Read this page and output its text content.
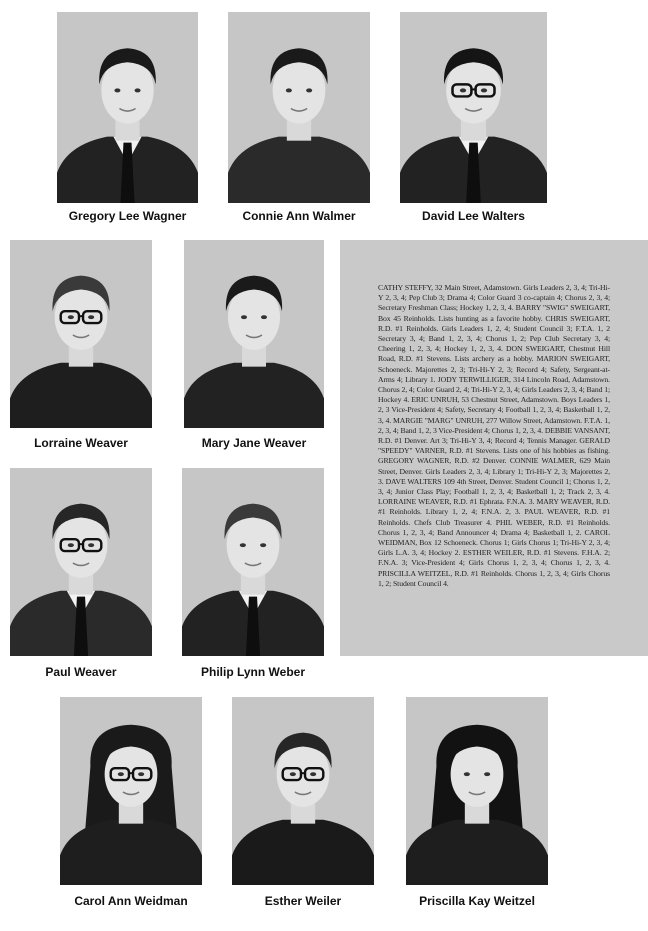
Gregory Lee Wagner	Connie Ann Walmer	David Lee Walters
Lorraine Weaver	Mary Jane Weaver
CATHY STEFFY, 32 Main Street, Adamstown. Girls Leaders 2, 3, 4; Tri-Hi-Y 2, 3, 4; Pep Club 3; Drama 4; Color Guard 3 co-captain 4; Chorus 2, 3, 4; Secretary Freshman Class; Hockey 1, 2, 3, 4. BARRY "SWIG" SWEIGART, Box 45 Reinholds. Lists hunting as a favorite hobby. CHRIS SWEIGART, R.D. #1 Reinholds. Girls Leaders 1, 2, 4; Student Council 3; F.T.A. 1, 2 Secretary 3, 4; Band 1, 2, 3, 4; Chorus 1, 2; Pep Club Secretary 3, 4; Cheering 1, 2, 3, 4; Hockey 1, 2, 3, 4. DON SWEIGART, Chestnut Hill Road, R.D. #1 Stevens. Lists archery as a hobby. MARION SWEIGART, Schoeneck. Majorettes 2, 3; Tri-Hi-Y 2, 3; Record 4; Safety, Sergeant-at-Arms 4; Library 1. JODY TERWILLIGER, 314 Lincoln Road, Adamstown. Chorus 2, 4; Color Guard 2, 4; Tri-Hi-Y 2, 3, 4; Girls Leaders 2, 3, 4; Band 1; Hockey 4. ERIC UNRUH, 53 Chestnut Street, Adamstown. Boys Leaders 1, 2, 3 Vice-President 4; Safety, Secretary 4; Football 1, 2, 3, 4; Basketball 1, 2, 3, 4. MARGIE "MARG" UNRUH, 277 Willow Street, Adamstown. F.T.A. 1, 2, 3, 4; Band 1, 2, 3 Vice-President 4; Chorus 1, 2, 3, 4. DEBBIE VANSANT, R.D. #1 Denver. Art 3; Tri-Hi-Y 3, 4; Record 4; Tennis Manager. GERALD "SPEEDY" VARNER, R.D. #1 Stevens. Lists one of his hobbies as fishing. GREGORY WAGNER, R.D. #2 Denver. CONNIE WALMER, 629 Main Street, Denver. Girls Leaders 2, 3, 4; Library 1; Tri-Hi-Y 2, 3; Majorettes 2, 3. DAVE WALTERS 109 4th Street, Denver. Student Council 1; Chorus 1, 2, 3, 4; Junior Class Play; Football 1, 2, 3, 4; Basketball 1, 2; Track 2, 3, 4. LORRAINE WEAVER, R.D. #1 Ephrata. F.N.A. 3. MARY WEAVER, R.D. #1 Reinholds. Library 1, 2, 4; F.N.A. 2, 3. PAUL WEAVER, R.D. #1 Reinholds. Chefs Club Treasurer 4. PHIL WEBER, R.D. #1 Reinholds. Chorus 1, 2, 3, 4; Band Announcer 4; Drama 4; Basketball 1, 2. CAROL WEIDMAN, Box 12 Schoeneck. Chorus 1; Girls Chorus 1; Tri-Hi-Y 2, 3, 4; Girls L.A. 3, 4; Hockey 2. ESTHER WEILER, R.D. #1 Stevens. F.H.A. 2; F.N.A. 3; Vice-President 4; Girls Chorus 1, 2, 3, 4; Chorus 1, 2, 3, 4. PRISCILLA WEITZEL, R.D. #1 Reinholds. Chorus 1, 2, 3, 4; Girls Chorus 1, 2; Student Council 4.
Paul Weaver	Philip Lynn Weber
Carol Ann Weidman	Esther Weiler	Priscilla Kay Weitzel
